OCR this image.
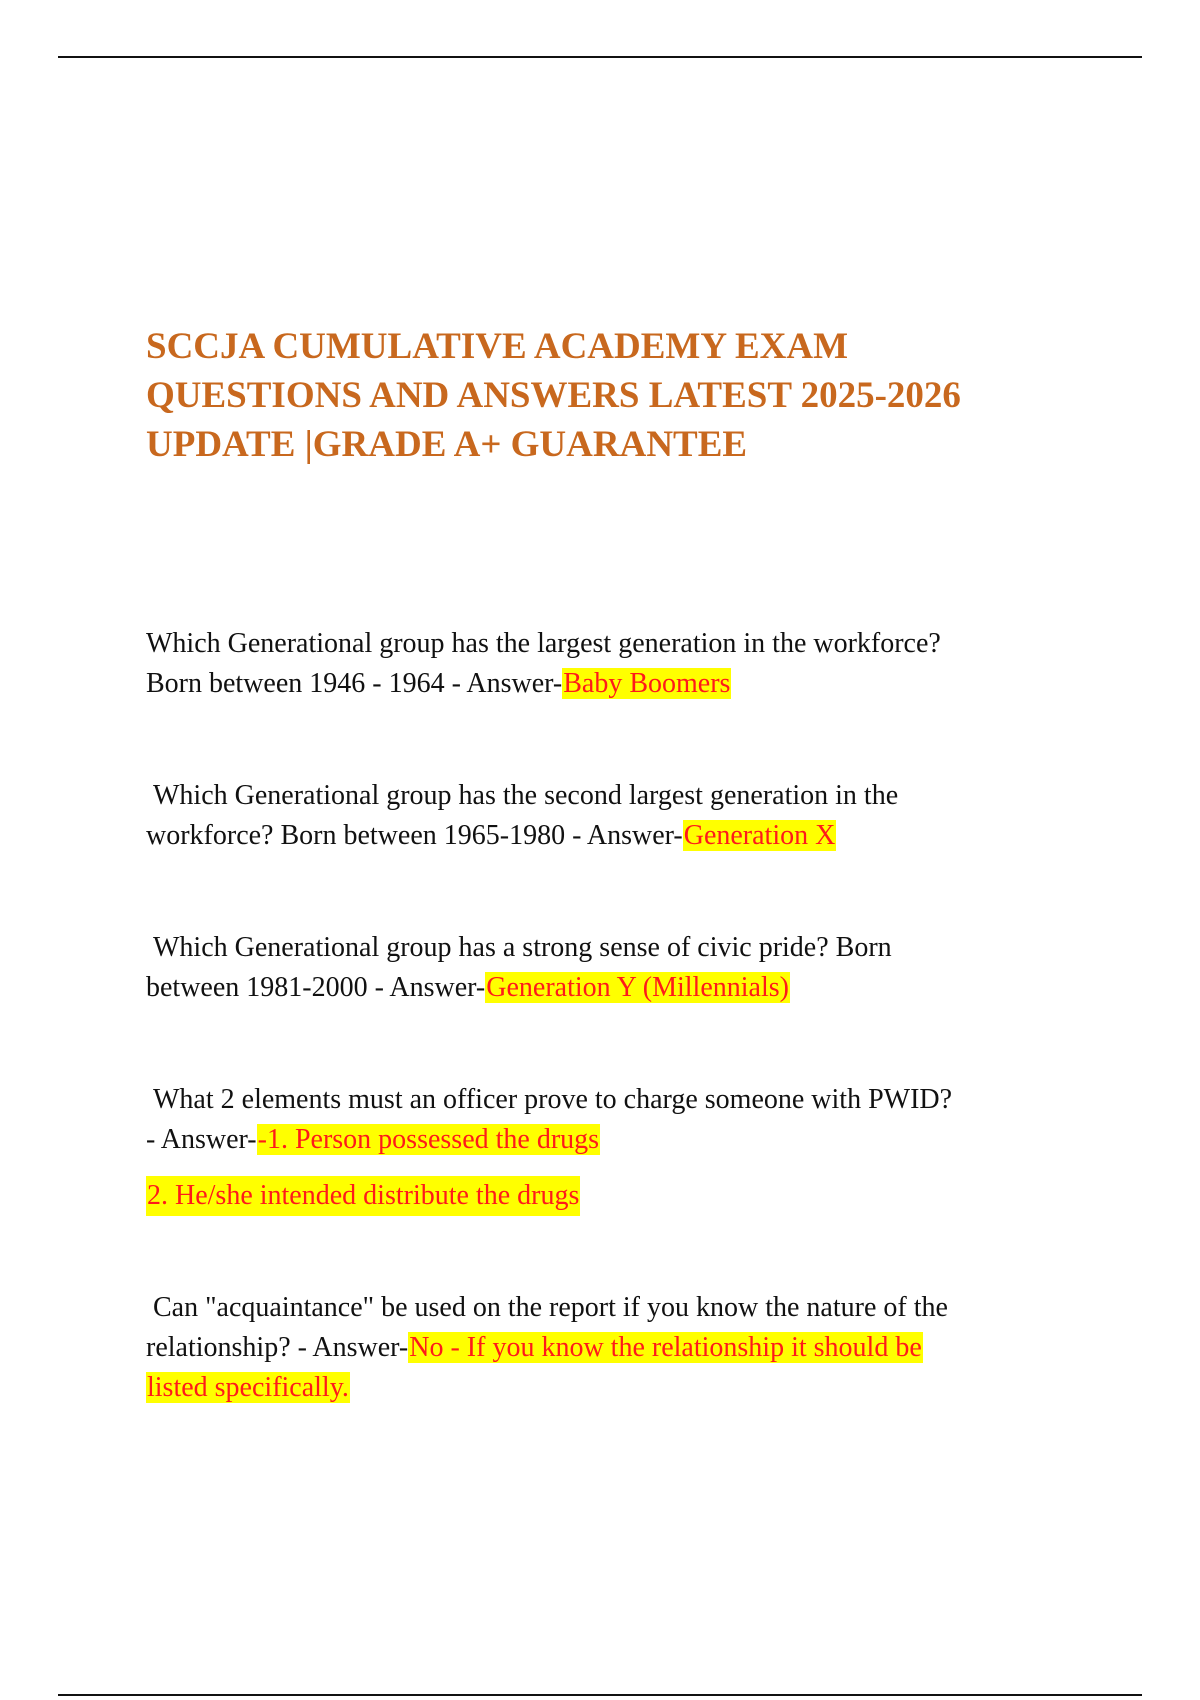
SCCJA CUMULATIVE ACADEMY EXAM
QUESTIONS AND ANSWERS LATEST 2025-2026
UPDATE |GRADE A+ GUARANTEE

Which Generational group has the largest generation in the workforce?
Born between 1946 - 1964 - Answer-Baby Boomers

Which Generational group has the second largest generation in the
workforce? Born between 1965-1980 - Answer-Generation X

Which Generational group has a strong sense of civic pride? Born
between 1981-2000 - Answer-Generation Y (Millennials)

What 2 elements must an officer prove to charge someone with PWID?
- Answer--1. Person possessed the drugs
2. He/she intended distribute the drugs

Can "acquaintance" be used on the report if you know the nature of the
relationship? - Answer-No - If you know the relationship it should be
listed specifically.
